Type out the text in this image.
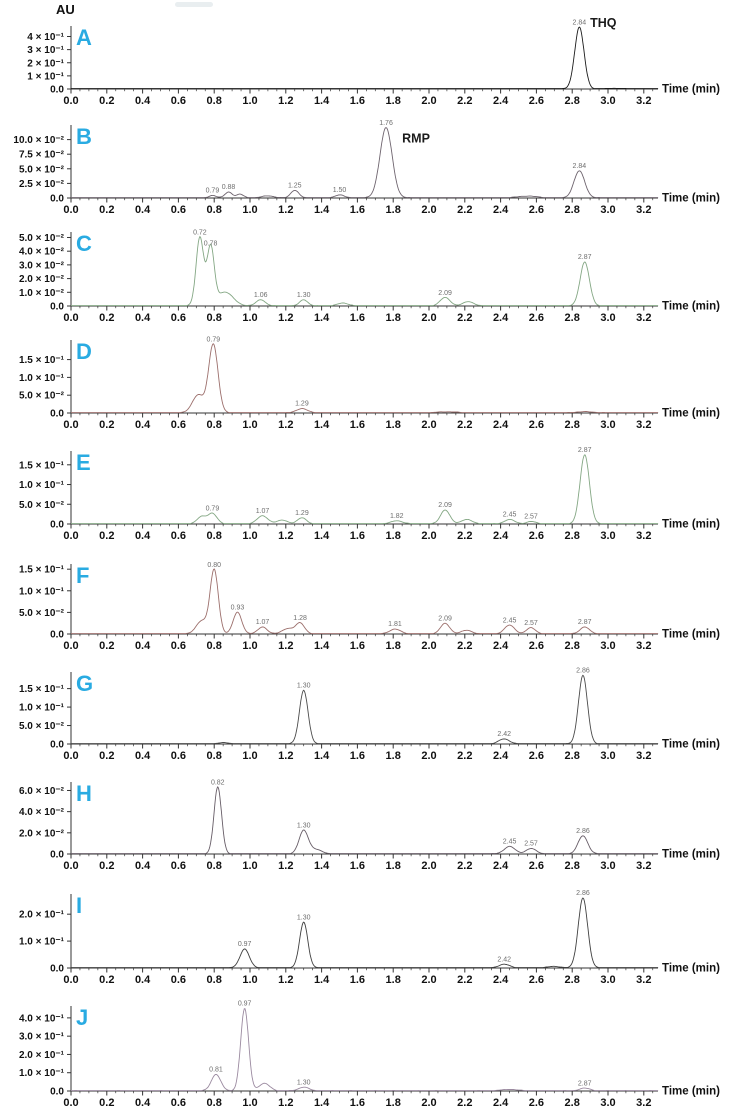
0.0 0.2 0.4 0.6 0.8 1.0 1.2 1.4 1.6 1.8 2.0 2.2 2.4 2.6 2.8 3.0 3.2
0.0
1 × 10⁻¹
2 × 10⁻¹
3 × 10⁻¹
4 × 10⁻¹
2.84
A
THQ
AU
Time (min)
0.0 0.2 0.4 0.6 0.8 1.0 1.2 1.4 1.6 1.8 2.0 2.2 2.4 2.6 2.8 3.0 3.2
0.0
2.5 × 10⁻²
5.0 × 10⁻²
7.5 × 10⁻²
10.0 × 10⁻²
0.79
0.88	1.25
1.50
1.76
2.84
B	RMP
Time (min)
0.0 0.2 0.4 0.6 0.8 1.0 1.2 1.4 1.6 1.8 2.0 2.2 2.4 2.6 2.8 3.0 3.2
0.0
1.0 × 10⁻²
2.0 × 10⁻²
3.0 × 10⁻²
4.0 × 10⁻²
5.0 × 10⁻²	0.72
0.78
1.06	1.30	2.09
2.87
C
Time (min)
0.0 0.2 0.4 0.6 0.8 1.0 1.2 1.4 1.6 1.8 2.0 2.2 2.4 2.6 2.8 3.0 3.2
0.0
5.0 × 10⁻²
1.0 × 10⁻¹
1.5 × 10⁻¹
0.79
1.29
D
Time (min)
0.0 0.2 0.4 0.6 0.8 1.0 1.2 1.4 1.6 1.8 2.0 2.2 2.4 2.6 2.8 3.0 3.2
0.0
5.0 × 10⁻²
1.0 × 10⁻¹
1.5 × 10⁻¹
0.79	1.07	1.29	1.82
2.09
2.45 2.57
2.87
E
Time (min)
0.0 0.2 0.4 0.6 0.8 1.0 1.2 1.4 1.6 1.8 2.0 2.2 2.4 2.6 2.8 3.0 3.2
0.0
5.0 × 10⁻²
1.0 × 10⁻¹
1.5 × 10⁻¹	0.80
0.93
1.07
1.28
1.81
2.09	2.45 2.57	2.87
F
Time (min)
0.0 0.2 0.4 0.6 0.8 1.0 1.2 1.4 1.6 1.8 2.0 2.2 2.4 2.6 2.8 3.0 3.2
0.0
5.0 × 10⁻²
1.0 × 10⁻¹
1.5 × 10⁻¹	1.30
2.42
2.86
G
Time (min)
0.0 0.2 0.4 0.6 0.8 1.0 1.2 1.4 1.6 1.8 2.0 2.2 2.4 2.6 2.8 3.0 3.2
0.0
2.0 × 10⁻²
4.0 × 10⁻²
6.0 × 10⁻²
0.82
1.30
2.45 2.57
2.86
H
Time (min)
0.0 0.2 0.4 0.6 0.8 1.0 1.2 1.4 1.6 1.8 2.0 2.2 2.4 2.6 2.8 3.0 3.2
0.0
1.0 × 10⁻¹
2.0 × 10⁻¹
0.97
1.30
2.42
2.86
I
Time (min)
0.0 0.2 0.4 0.6 0.8 1.0 1.2 1.4 1.6 1.8 2.0 2.2 2.4 2.6 2.8 3.0 3.2
0.0
1.0 × 10⁻¹
2.0 × 10⁻¹
3.0 × 10⁻¹
4.0 × 10⁻¹
0.81
0.97
1.30	2.87
J
Time (min)
